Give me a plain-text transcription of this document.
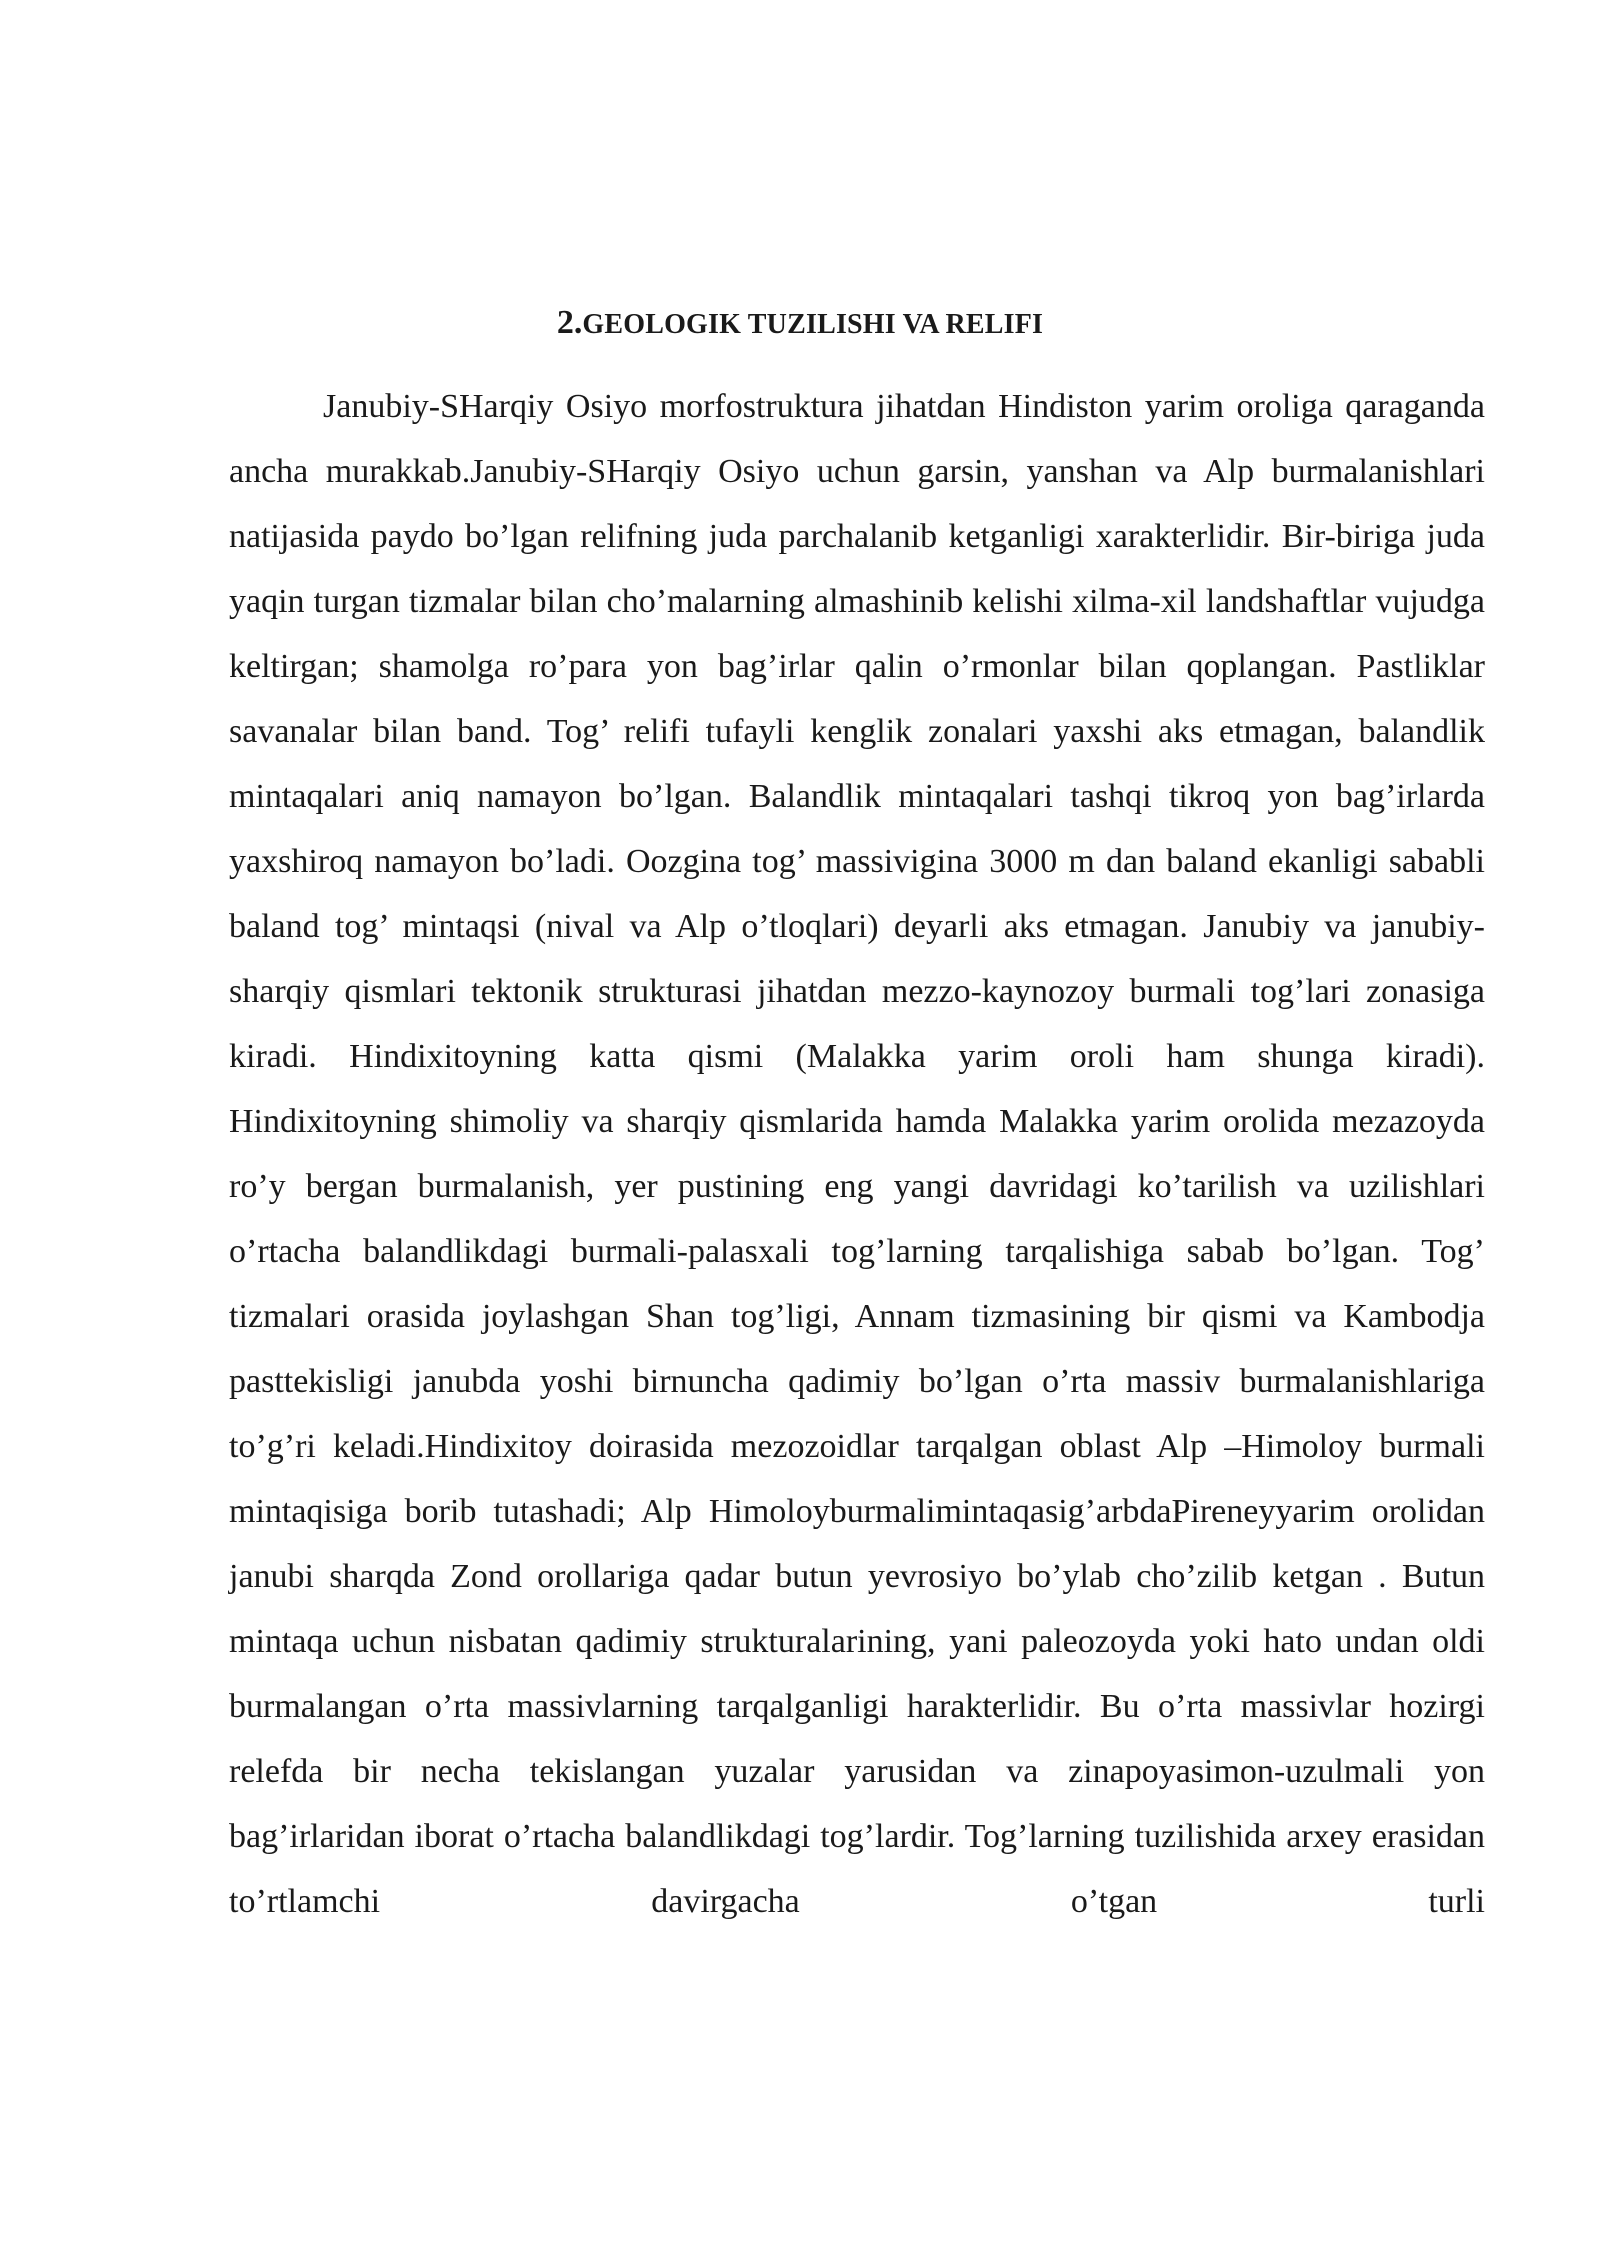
2.GEOLOGIK TUZILISHI VA RELIFI

Janubiy-SHarqiy Osiyo morfostruktura jihatdan Hindiston yarim oroliga qaraganda ancha murakkab.Janubiy-SHarqiy Osiyo uchun garsin, yanshan va Alp burmalanishlari natijasida paydo bo’lgan relifning juda parchalanib ketganligi xarakterlidir. Bir-biriga juda yaqin turgan tizmalar bilan cho’malarning almashinib kelishi xilma-xil landshaftlar vujudga keltirgan; shamolga ro’para yon bag’irlar qalin o’rmonlar bilan qoplangan. Pastliklar savanalar bilan band. Tog’ relifi tufayli kenglik zonalari yaxshi aks etmagan, balandlik mintaqalari aniq namayon bo’lgan. Balandlik mintaqalari tashqi tikroq yon bag’irlarda yaxshiroq namayon bo’ladi. Oozgina tog’ massivigina 3000 m dan baland ekanligi sababli baland tog’ mintaqsi (nival va Alp o’tloqlari) deyarli aks etmagan. Janubiy va janubiy-sharqiy qismlari tektonik strukturasi jihatdan mezzo-kaynozoy burmali tog’lari zonasiga kiradi. Hindixitoyning katta qismi (Malakka yarim oroli ham shunga kiradi). Hindixitoyning shimoliy va sharqiy qismlarida hamda Malakka yarim orolida mezazoyda ro’y bergan burmalanish, yer pustining eng yangi davridagi ko’tarilish va uzilishlari o’rtacha balandlikdagi burmali-palasxali tog’larning tarqalishiga sabab bo’lgan. Tog’ tizmalari orasida joylashgan Shan tog’ligi, Annam tizmasining bir qismi va Kambodja pasttekisligi janubda yoshi birnuncha qadimiy bo’lgan o’rta massiv burmalanishlariga to’g’ri keladi.Hindixitoy doirasida mezozoidlar tarqalgan oblast Alp –Himoloy burmali mintaqisiga borib tutashadi; Alp Himoloyburmalimintaqasig’arbdaPireneyyarim orolidan janubi sharqda Zond orollariga qadar butun yevrosiyo bo’ylab cho’zilib ketgan . Butun mintaqa uchun nisbatan qadimiy strukturalarining, yani paleozoyda yoki hato undan oldi burmalangan o’rta massivlarning tarqalganligi harakterlidir. Bu o’rta massivlar hozirgi relefda bir necha tekislangan yuzalar yarusidan va zinapoyasimon-uzulmali yon bag’irlaridan iborat o’rtacha balandlikdagi tog’lardir. Tog’larning tuzilishida arxey erasidan to’rtlamchi davirgacha o’tgan turli
